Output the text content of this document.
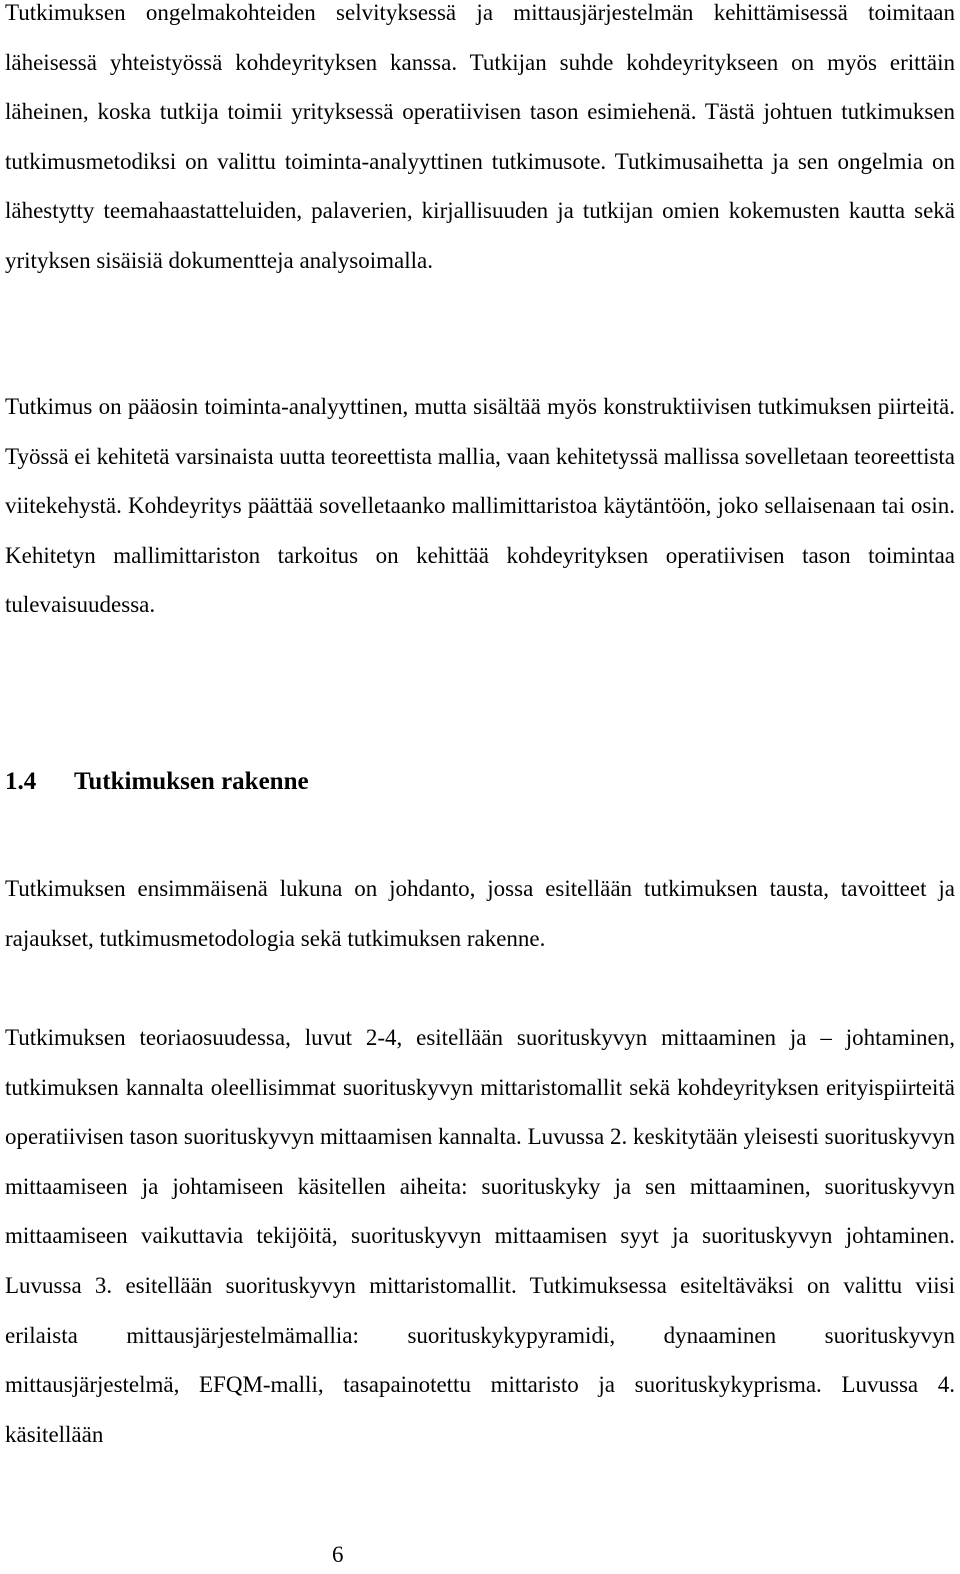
Tutkimuksen ongelmakohteiden selvityksessä ja mittausjärjestelmän kehittämisessä toimitaan läheisessä yhteistyössä kohdeyrityksen kanssa. Tutkijan suhde kohdeyritykseen on myös erittäin läheinen, koska tutkija toimii yrityksessä operatiivisen tason esimiehenä. Tästä johtuen tutkimuksen tutkimusmetodiksi on valittu toiminta-analyyttinen tutkimusote. Tutkimusaihetta ja sen ongelmia on lähestytty teemahaastatteluiden, palaverien, kirjallisuuden ja tutkijan omien kokemusten kautta sekä yrityksen sisäisiä dokumentteja analysoimalla.

Tutkimus on pääosin toiminta-analyyttinen, mutta sisältää myös konstruktiivisen tutkimuksen piirteitä. Työssä ei kehitetä varsinaista uutta teoreettista mallia, vaan kehitetyssä mallissa sovelletaan teoreettista viitekehystä. Kohdeyritys päättää sovelletaanko mallimittaristoa käytäntöön, joko sellaisenaan tai osin. Kehitetyn mallimittariston tarkoitus on kehittää kohdeyrityksen operatiivisen tason toimintaa tulevaisuudessa.

1.4 Tutkimuksen rakenne

Tutkimuksen ensimmäisenä lukuna on johdanto, jossa esitellään tutkimuksen tausta, tavoitteet ja rajaukset, tutkimusmetodologia sekä tutkimuksen rakenne.

Tutkimuksen teoriaosuudessa, luvut 2-4, esitellään suorituskyvyn mittaaminen ja – johtaminen, tutkimuksen kannalta oleellisimmat suorituskyvyn mittaristomallit sekä kohdeyrityksen erityispiirteitä operatiivisen tason suorituskyvyn mittaamisen kannalta. Luvussa 2. keskitytään yleisesti suorituskyvyn mittaamiseen ja johtamiseen käsitellen aiheita: suorituskyky ja sen mittaaminen, suorituskyvyn mittaamiseen vaikuttavia tekijöitä, suorituskyvyn mittaamisen syyt ja suorituskyvyn johtaminen. Luvussa 3. esitellään suorituskyvyn mittaristomallit. Tutkimuksessa esiteltäväksi on valittu viisi erilaista mittausjärjestelmämallia: suorituskykypyramidi, dynaaminen suorituskyvyn mittausjärjestelmä, EFQM-malli, tasapainotettu mittaristo ja suorituskykyprisma. Luvussa 4. käsitellään

6
